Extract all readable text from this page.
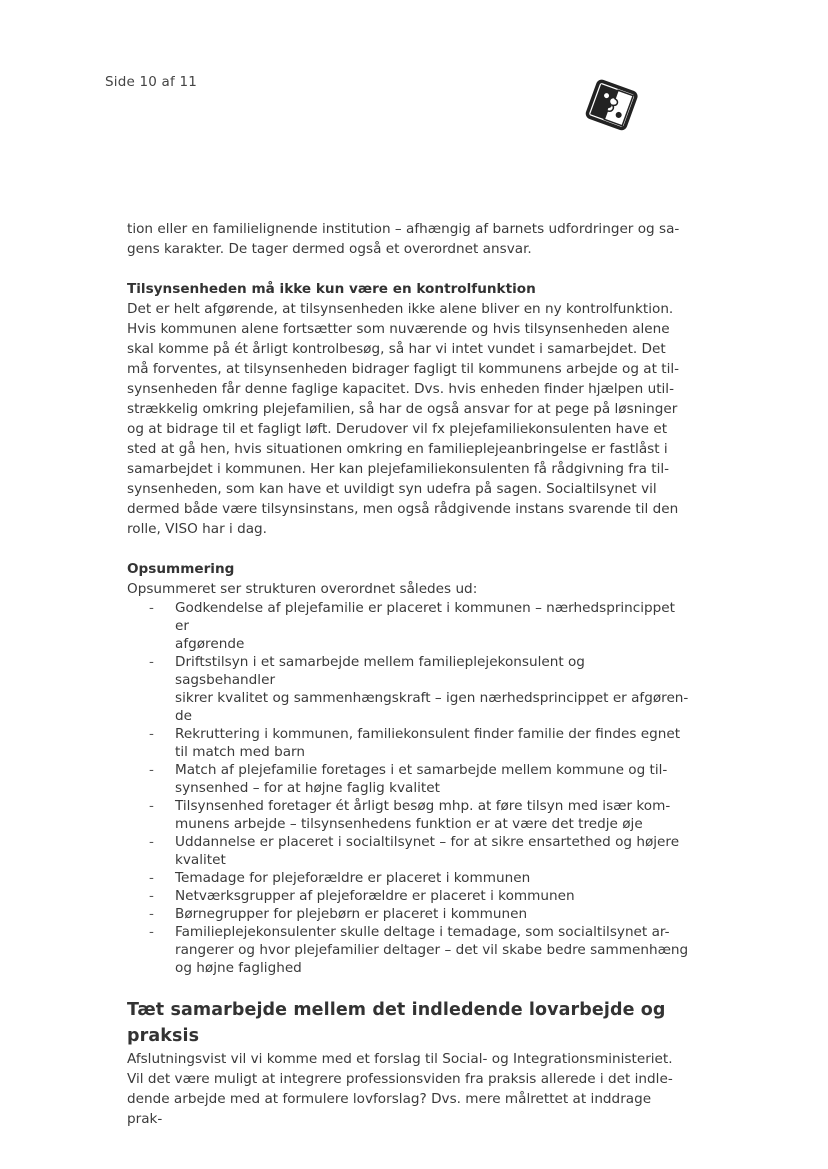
Side 10 af 11

tion eller en familielignende institution – afhængig af barnets udfordringer og sa-

gens karakter. De tager dermed også et overordnet ansvar.

Tilsynsenheden må ikke kun være en kontrolfunktion

Det er helt afgørende, at tilsynsenheden ikke alene bliver en ny kontrolfunktion.

Hvis kommunen alene fortsætter som nuværende og hvis tilsynsenheden alene

skal komme på ét årligt kontrolbesøg, så har vi intet vundet i samarbejdet. Det

må forventes, at tilsynsenheden bidrager fagligt til kommunens arbejde og at til-

synsenheden får denne faglige kapacitet. Dvs. hvis enheden finder hjælpen util-

strækkelig omkring plejefamilien, så har de også ansvar for at pege på løsninger

og at bidrage til et fagligt løft. Derudover vil fx plejefamiliekonsulenten have et

sted at gå hen, hvis situationen omkring en familieplejeanbringelse er fastlåst i

samarbejdet i kommunen. Her kan plejefamiliekonsulenten få rådgivning fra til-

synsenheden, som kan have et uvildigt syn udefra på sagen. Socialtilsynet vil

dermed både være tilsynsinstans, men også rådgivende instans svarende til den

rolle, VISO har i dag.

Opsummering

Opsummeret ser strukturen overordnet således ud:

- Godkendelse af plejefamilie er placeret i kommunen – nærhedsprincippet er
afgørende
- Driftstilsyn i et samarbejde mellem familieplejekonsulent og sagsbehandler
sikrer kvalitet og sammenhængskraft – igen nærhedsprincippet er afgøren-
de
- Rekruttering i kommunen, familiekonsulent finder familie der findes egnet
til match med barn
- Match af plejefamilie foretages i et samarbejde mellem kommune og til-
synsenhed – for at højne faglig kvalitet
- Tilsynsenhed foretager ét årligt besøg mhp. at føre tilsyn med især kom-
munens arbejde – tilsynsenhedens funktion er at være det tredje øje
- Uddannelse er placeret i socialtilsynet – for at sikre ensartethed og højere
kvalitet
- Temadage for plejeforældre er placeret i kommunen
- Netværksgrupper af plejeforældre er placeret i kommunen
- Børnegrupper for plejebørn er placeret i kommunen
- Familieplejekonsulenter skulle deltage i temadage, som socialtilsynet ar-
rangerer og hvor plejefamilier deltager – det vil skabe bedre sammenhæng
og højne faglighed
Tæt samarbejde mellem det indledende lovarbejde og praksis

Afslutningsvist vil vi komme med et forslag til Social- og Integrationsministeriet.

Vil det være muligt at integrere professionsviden fra praksis allerede i det indle-

dende arbejde med at formulere lovforslag? Dvs. mere målrettet at inddrage prak-
